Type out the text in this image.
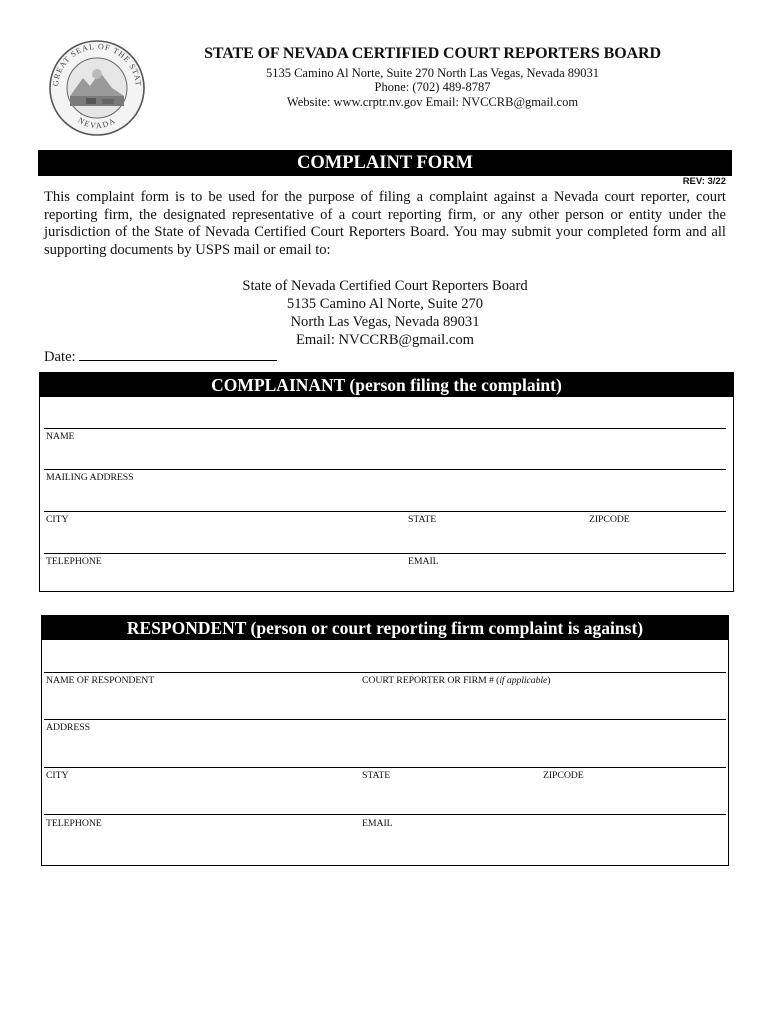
GREAT SEAL OF THE STAT
NEVADA
STATE OF NEVADA CERTIFIED COURT REPORTERS BOARD
5135 Camino Al Norte, Suite 270 North Las Vegas, Nevada 89031
Phone: (702) 489-8787
Website: www.crptr.nv.gov Email: NVCCRB@gmail.com
COMPLAINT FORM
REV: 3/22
This complaint form is to be used for the purpose of filing a complaint against a Nevada court reporter, court reporting firm, the designated representative of a court reporting firm, or any other person or entity under the jurisdiction of the State of Nevada Certified Court Reporters Board. You may submit your completed form and all supporting documents by USPS mail or email to:
State of Nevada Certified Court Reporters Board
5135 Camino Al Norte, Suite 270
North Las Vegas, Nevada 89031
Email: NVCCRB@gmail.com
Date:
COMPLAINANT (person filing the complaint)
NAME
MAILING ADDRESS
CITY	STATE	ZIPCODE
TELEPHONE	EMAIL
RESPONDENT (person or court reporting firm complaint is against)
NAME OF RESPONDENT	COURT REPORTER OR FIRM # (if applicable)
ADDRESS
CITY	STATE	ZIPCODE
TELEPHONE	EMAIL
